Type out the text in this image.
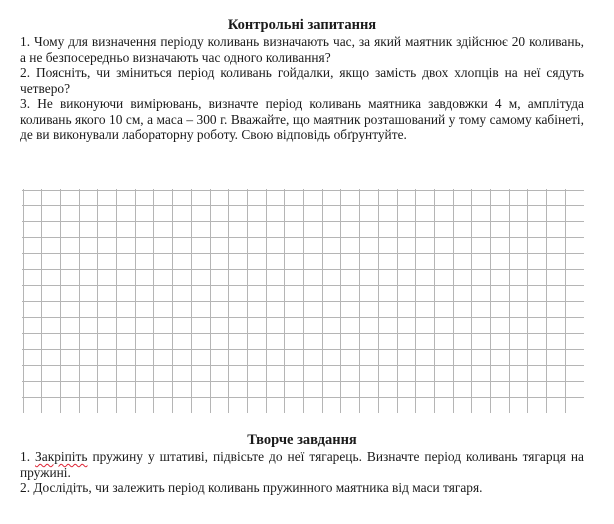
Контрольні запитання

1. Чому для визначення періоду коливань визначають час, за який маятник здійснює 20 коливань, а не безпосередньо визначають час одного коливання?

2. Поясніть, чи зміниться період коливань гойдалки, якщо замість двох хлопців на неї сядуть четверо?

3. Не виконуючи вимірювань, визначте період коливань маятника завдовжки 4 м, амплітуда коливань якого 10 см, а маса – 300 г. Вважайте, що маятник розташований у тому самому кабінеті, де ви виконували лабораторну роботу. Свою відповідь обґрунтуйте.

Творче завдання

1. Закріпіть пружину у штативі, підвісьте до неї тягарець. Визначте період коливань тягарця на пружині.

2. Дослідіть, чи залежить період коливань пружинного маятника від маси тягаря.
